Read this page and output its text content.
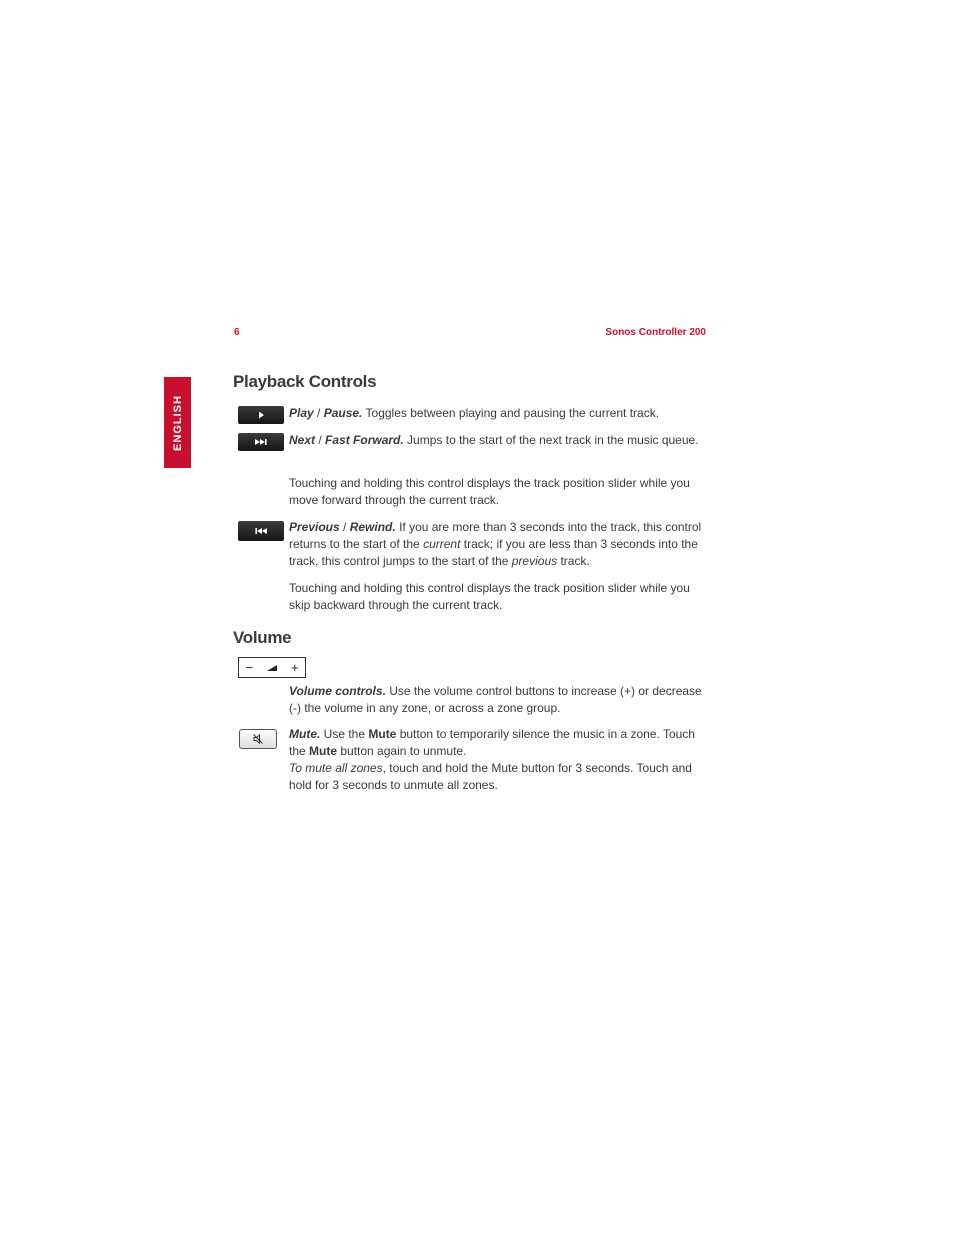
6	Sonos Controller 200
ENGLISH
Playback Controls
Play / Pause. Toggles between playing and pausing the current track.
Next / Fast Forward. Jumps to the start of the next track in the music queue.
Touching and holding this control displays the track position slider while you move forward through the current track.
Previous / Rewind. If you are more than 3 seconds into the track, this control returns to the start of the current track; if you are less than 3 seconds into the track, this control jumps to the start of the previous track.
Touching and holding this control displays the track position slider while you skip backward through the current track.
Volume
−	+
Volume controls. Use the volume control buttons to increase (+) or decrease (-) the volume in any zone, or across a zone group.
Mute. Use the Mute button to temporarily silence the music in a zone. Touch the Mute button again to unmute.
To mute all zones, touch and hold the Mute button for 3 seconds. Touch and hold for 3 seconds to unmute all zones.
